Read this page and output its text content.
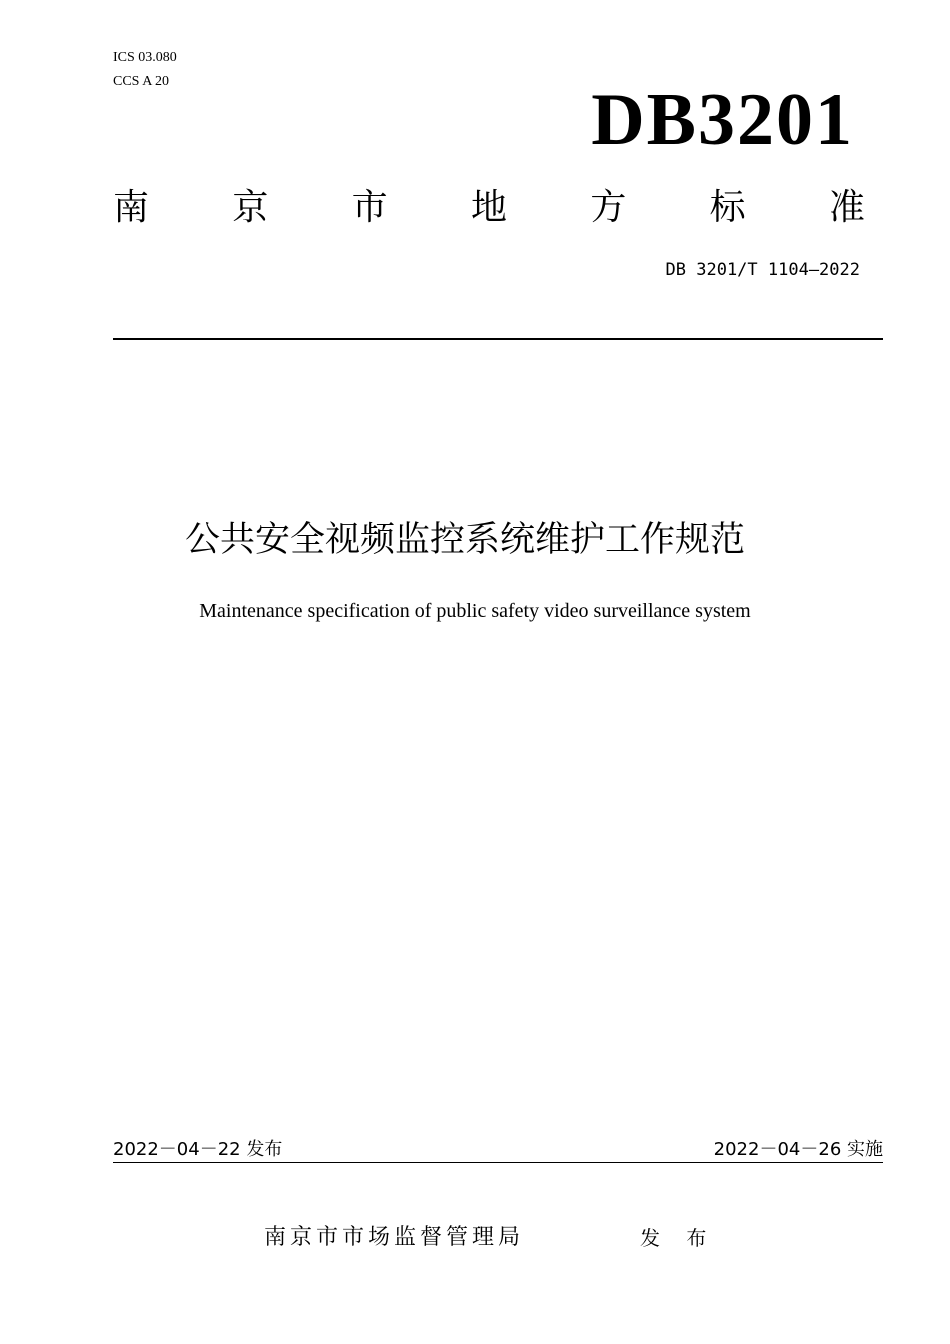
ICS 03.080
CCS A 20	DB3201
南 京 市 地 方 标 准
DB 3201/T 1104—2022
公共安全视频监控系统维护工作规范
Maintenance specification of public safety video surveillance system
2022－04－22 发布	2022－04－26 实施
南京市市场监督管理局	发 布
